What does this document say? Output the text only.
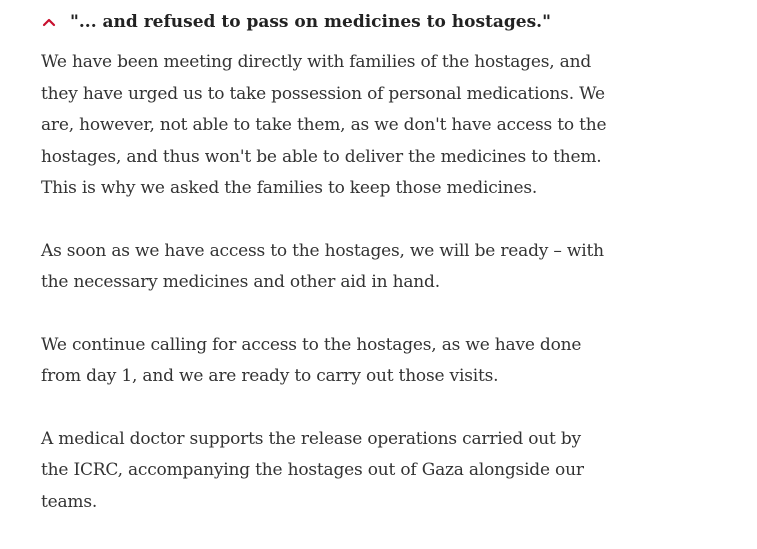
"... and refused to pass on medicines to hostages."

We have been meeting directly with families of the hostages, and
they have urged us to take possession of personal medications. We
are, however, not able to take them, as we don't have access to the
hostages, and thus won't be able to deliver the medicines to them.
This is why we asked the families to keep those medicines.

As soon as we have access to the hostages, we will be ready – with
the necessary medicines and other aid in hand.

We continue calling for access to the hostages, as we have done
from day 1, and we are ready to carry out those visits.

A medical doctor supports the release operations carried out by
the ICRC, accompanying the hostages out of Gaza alongside our
teams.
